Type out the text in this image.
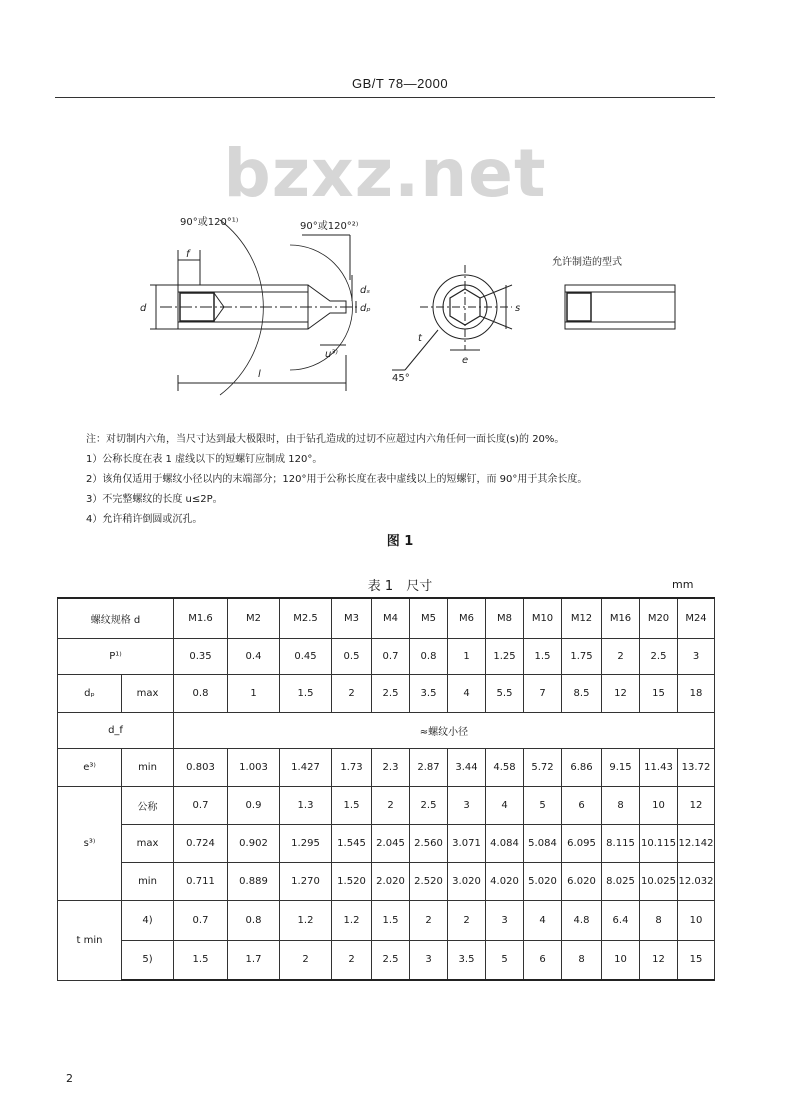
GB/T 78—2000
bzxz.net
90°或120°¹⁾	90°或120°²⁾
f
d
dₛ
dₚ
u³⁾
l
s
e
t
45°
允许制造的型式

注：对切制内六角，当尺寸达到最大极限时，由于钻孔造成的过切不应超过内六角任何一面长度(s)的 20%。

1）公称长度在表 1 虚线以下的短螺钉应制成 120°。

2）该角仅适用于螺纹小径以内的末端部分；120°用于公称长度在表中虚线以上的短螺钉，而 90°用于其余长度。

3）不完整螺纹的长度 u≤2P。

4）允许稍许倒圆或沉孔。

图 1
表 1　尺寸	mm
螺纹规格 d		M1.6	M2	M2.5	M3	M4	M5	M6	M8	M10	M12	M16	M20	M24
P¹⁾		0.35	0.4	0.45	0.5	0.7	0.8	1	1.25	1.5	1.75	2	2.5	3
dₚ	max	0.8	1	1.5	2	2.5	3.5	4	5.5	7	8.5	12	15	18
d_f		≈螺纹小径												
e³⁾	min	0.803	1.003	1.427	1.73	2.3	2.87	3.44	4.58	5.72	6.86	9.15	11.43	13.72
s³⁾	公称	0.7	0.9	1.3	1.5	2	2.5	3	4	5	6	8	10	12
	max	0.724	0.902	1.295	1.545	2.045	2.560	3.071	4.084	5.084	6.095	8.115	10.115	12.142
	min	0.711	0.889	1.270	1.520	2.020	2.520	3.020	4.020	5.020	6.020	8.025	10.025	12.032
t min	4)	0.7	0.8	1.2	1.2	1.5	2	2	3	4	4.8	6.4	8	10
	5)	1.5	1.7	2	2	2.5	3	3.5	5	6	8	10	12	15
2
